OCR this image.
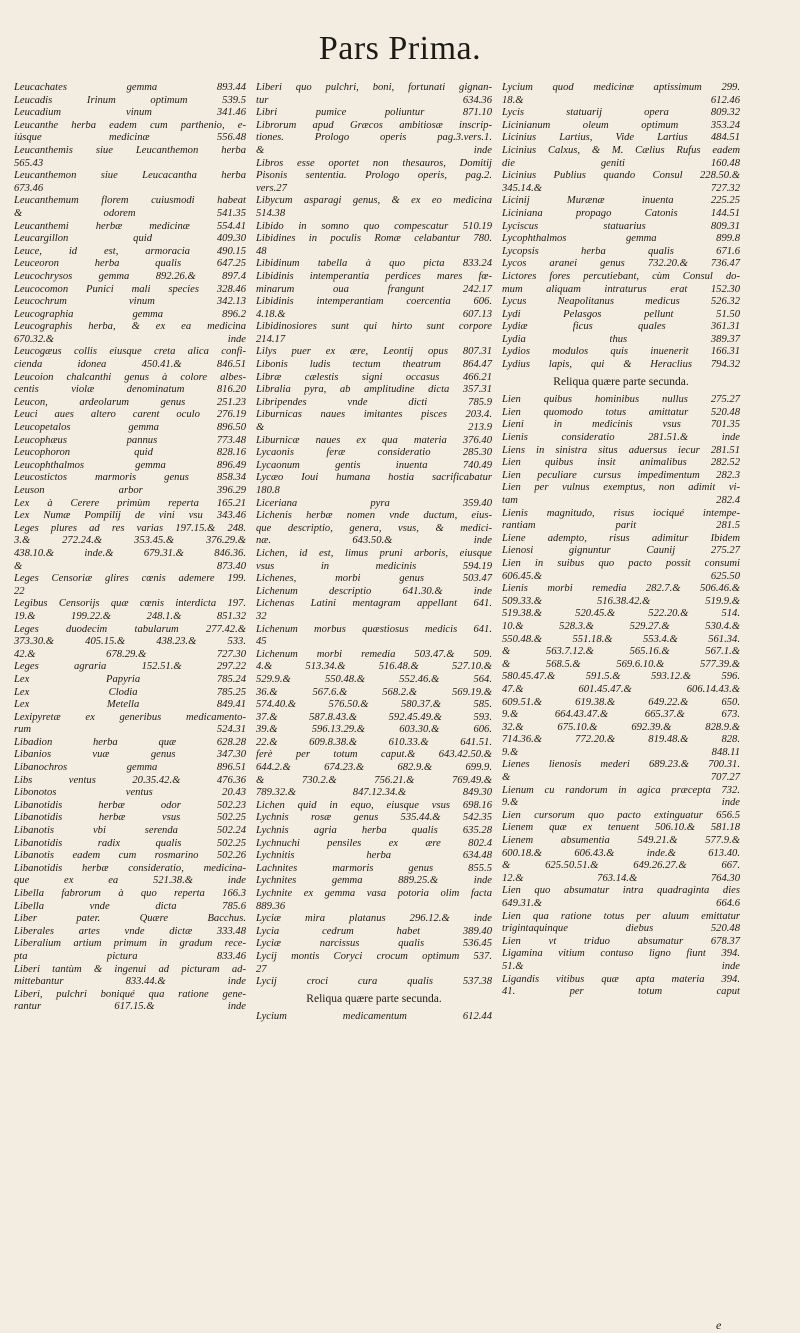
Pars Prima.

Leucachates gemma 893.44

Leucadis Irinum optimum 539.5

Leucadium vinum 341.46

Leucanthe herba eadem cum parthenio, e-

iúsque medicinæ 556.48

Leucanthemis siue Leucanthemon herba

565.43

Leucanthemon siue Leucacantha herba

673.46

Leucanthemum florem cuiusmodi habeat

& odorem 541.35

Leucanthemi herbæ medicinæ 554.41

Leucargillon quid 409.30

Leuce, id est, armoracia 490.15

Leuceoron herba qualis 647.25

Leucochrysos gemma 892.26.& 897.4

Leucocomon Punici mali species 328.46

Leucochrum vinum 342.13

Leucographia gemma 896.2

Leucographis herba, & ex ea medicina

670.32.& inde

Leucogæus collis eiusque creta alica confi-

cienda idonea 450.41.& 846.51

Leucoion chalcanthi genus à colore albes-

centis violæ denominatum 816.20

Leucon, ardeolarum genus 251.23

Leuci aues altero carent oculo 276.19

Leucopetalos gemma 896.50

Leucophæus pannus 773.48

Leucophoron quid 828.16

Leucophthalmos gemma 896.49

Leucostictos marmoris genus 858.34

Leuson arbor 396.29

Lex à Cerere primùm reperta 165.21

Lex Numæ Pompilij de vini vsu 343.46

Leges plures ad res varias 197.15.& 248.

3.& 272.24.& 353.45.& 376.29.&

438.10.& inde.& 679.31.& 846.36.

& 873.40

Leges Censoriæ glires cœnis ademere 199.

22

Legibus Censorijs quæ cœnis interdicta 197.

19.& 199.22.& 248.1.& 851.32

Leges duodecim tabularum 277.42.&

373.30.& 405.15.& 438.23.& 533.

42.& 678.29.& 727.30

Leges agraria 152.51.& 297.22

Lex Papyria 785.24

Lex Clodia 785.25

Lex Metella 849.41

Lexipyretæ ex generibus medicamento-

rum 524.31

Libadion herba quæ 628.28

Libanios vuæ genus 347.30

Libanochros gemma 896.51

Libs ventus 20.35.42.& 476.36

Libonotos ventus 20.43

Libanotidis herbæ odor 502.23

Libanotidis herbæ vsus 502.25

Libanotis vbi serenda 502.24

Libanotidis radix qualis 502.25

Libanotis eadem cum rosmarino 502.26

Libanotidis herbæ consideratio, medicina-

que ex ea 521.38.& inde

Libella fabrorum à quo reperta 166.3

Libella vnde dicta 785.6

Liber pater. Quære Bacchus.

Liberales artes vnde dictæ 333.48

Liberalium artium primum in gradum rece-

pta pictura 833.46

Liberi tantùm & ingenui ad picturam ad-

mittebantur 833.44.& inde

Liberi, pulchri boniqué qua ratione gene-

rantur 617.15.& inde

Liberi quo pulchri, boni, fortunati gignan-

tur 634.36

Libri pumice poliuntur 871.10

Librorum apud Græcos ambitiosæ inscrip-

tiones. Prologo operis pag.3.vers.1.

& inde

Libros esse oportet non thesauros, Domitij

Pisonis sententia. Prologo operis, pag.2.

vers.27

Libycum asparagi genus, & ex eo medicina

514.38

Libido in somno quo compescatur 510.19

Libidines in poculis Romæ celabantur 780.

48

Libidinum tabella à quo picta 833.24

Libidinis intemperantia perdices mares fœ-

minarum oua frangunt 242.17

Libidinis intemperantiam coercentia 606.

4.18.& 607.13

Libidinosiores sunt qui hirto sunt corpore

214.17

Lilys puer ex ære, Leontij opus 807.31

Libonis ludis tectum theatrum 864.47

Libræ cælestis signi occasus 466.21

Libralia pyra, ab amplitudine dicta 357.31

Libripendes vnde dicti 785.9

Liburnicas naues imitantes pisces 203.4.

& 213.9

Liburnicæ naues ex qua materia 376.40

Lycaonis feræ consideratio 285.30

Lycaonum gentis inuenta 740.49

Lycæo Ioui humana hostia sacrificabatur

180.8

Liceriana pyra 359.40

Lichenis herbæ nomen vnde ductum, eius-

que descriptio, genera, vsus, & medici-

næ. 643.50.& inde

Lichen, id est, limus pruni arboris, eiusque

vsus in medicinis 594.19

Lichenes, morbi genus 503.47

Lichenum descriptio 641.30.& inde

Lichenas Latini mentagram appellant 641.

32

Lichenum morbus quæstiosus medicis 641.

45

Lichenum morbi remedia 503.47.& 509.

4.& 513.34.& 516.48.& 527.10.&

529.9.& 550.48.& 552.46.& 564.

36.& 567.6.& 568.2.& 569.19.&

574.40.& 576.50.& 580.37.& 585.

37.& 587.8.43.& 592.45.49.& 593.

39.& 596.13.29.& 603.30.& 606.

22.& 609.8.38.& 610.33.& 641.51.

ferè per totum caput.& 643.42.50.&

644.2.& 674.23.& 682.9.& 699.9.

& 730.2.& 756.21.& 769.49.&

789.32.& 847.12.34.& 849.30

Lichen quid in equo, eiusque vsus 698.16

Lychnis rosæ genus 535.44.& 542.35

Lychnis agria herba qualis 635.28

Lychnuchi pensiles ex ære 802.4

Lychnitis herba 634.48

Lachnites marmoris genus 855.5

Lychnites gemma 889.25.& inde

Lychnite ex gemma vasa potoria olim facta

889.36

Lyciæ mira platanus 296.12.& inde

Lycia cedrum habet 389.40

Lyciæ narcissus qualis 536.45

Lycij montis Coryci crocum optimum 537.

27

Lycij croci cura qualis 537.38

Reliqua quære parte secunda.

Lycium medicamentum 612.44

Lycium quod medicinæ aptissimum 299.

18.& 612.46

Lycis statuarij opera 809.32

Licinianum oleum optimum 353.24

Licinius Lartius, Vide Lartius 484.51

Licinius Calxus, & M. Cælius Rufus eadem

die geniti 160.48

Licinius Publius quando Consul 228.50.&

345.14.& 727.32

Licinij Murænæ inuenta 225.25

Liciniana propago Catonis 144.51

Lyciscus statuarius 809.31

Lycophthalmos gemma 899.8

Lycopsis herba qualis 671.6

Lycos aranei genus 732.20.& 736.47

Lictores fores percutiebant, cùm Consul do-

mum aliquam intraturus erat 152.30

Lycus Neapolitanus medicus 526.32

Lydi Pelasgos pellunt 51.50

Lydiæ ficus quales 361.31

Lydia thus 389.37

Lydios modulos quis inuenerit 166.31

Lydius lapis, qui & Heraclius 794.32

Reliqua quære parte secunda.

Lien quibus hominibus nullus 275.27

Lien quomodo totus amittatur 520.48

Lieni in medicinis vsus 701.35

Lienis consideratio 281.51.& inde

Liens in sinistra situs aduersus iecur 281.51

Lien quibus insit animalibus 282.52

Lien peculiare cursus impedimentum 282.3

Lien per vulnus exemptus, non adimit vi-

tam 282.4

Lienis magnitudo, risus iociqué intempe-

rantiam parit 281.5

Liene adempto, risus adimitur Ibidem

Lienosi gignuntur Caunij 275.27

Lien in suibus quo pacto possit consumi

606.45.& 625.50

Lienis morbi remedia 282.7.& 506.46.&

509.33.& 516.38.42.& 519.9.&

519.38.& 520.45.& 522.20.& 514.

10.& 528.3.& 529.27.& 530.4.&

550.48.& 551.18.& 553.4.& 561.34.

& 563.7.12.& 565.16.& 567.1.&

& 568.5.& 569.6.10.& 577.39.&

580.45.47.& 591.5.& 593.12.& 596.

47.& 601.45.47.& 606.14.43.&

609.51.& 619.38.& 649.22.& 650.

9.& 664.43.47.& 665.37.& 673.

32.& 675.10.& 692.39.& 828.9.&

714.36.& 772.20.& 819.48.& 828.

9.& 848.11

Lienes lienosis mederi 689.23.& 700.31.

& 707.27

Lienum cu randorum in agica præcepta 732.

9.& inde

Lien cursorum quo pacto extinguatur 656.5

Lienem quæ ex tenuent 506.10.& 581.18

Lienem absumentia 549.21.& 577.9.&

600.18.& 606.43.& inde.& 613.40.

& 625.50.51.& 649.26.27.& 667.

12.& 763.14.& 764.30

Lien quo absumatur intra quadraginta dies

649.31.& 664.6

Lien qua ratione totus per aluum emittatur

trigintaquinque diebus 520.48

Lien vt triduo absumatur 678.37

Ligamina vitium contuso ligno fiunt 394.

51.& inde

Ligandis vitibus quæ apta materia 394.

41. per totum caput

e
